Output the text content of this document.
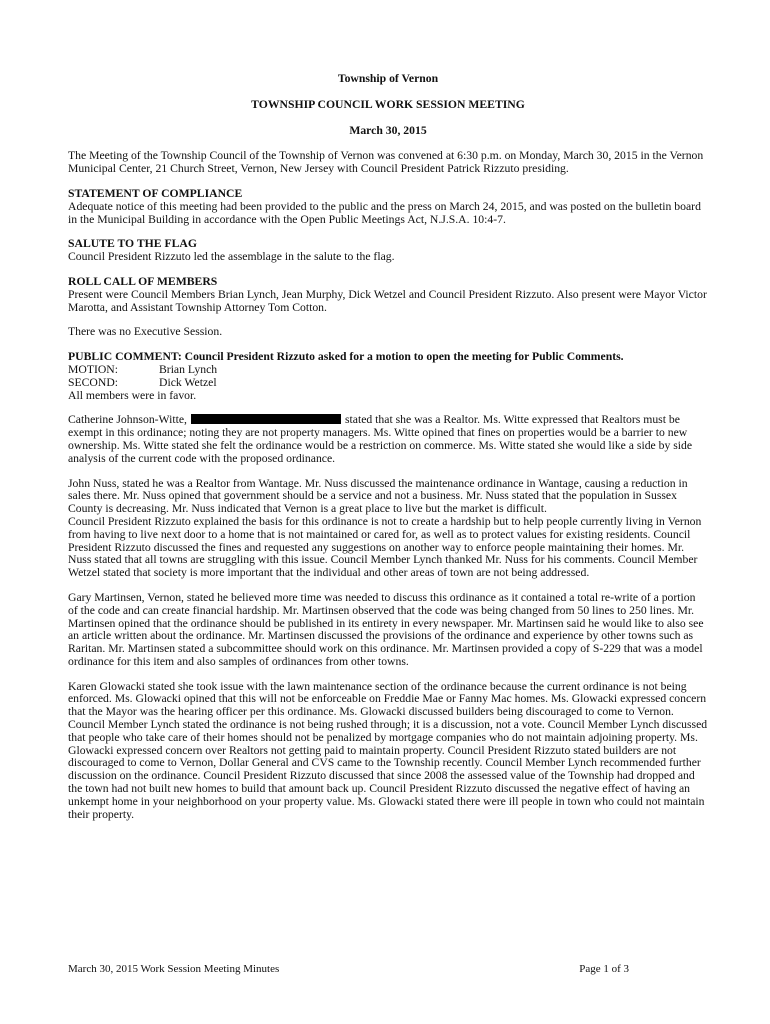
Township of Vernon
TOWNSHIP COUNCIL WORK SESSION MEETING
March 30, 2015

The Meeting of the Township Council of the Township of Vernon was convened at 6:30 p.m. on Monday, March 30, 2015 in the Vernon Municipal Center, 21 Church Street, Vernon, New Jersey with Council President Patrick Rizzuto presiding.

STATEMENT OF COMPLIANCE
Adequate notice of this meeting had been provided to the public and the press on March 24, 2015, and was posted on the bulletin board in the Municipal Building in accordance with the Open Public Meetings Act, N.J.S.A. 10:4-7.
SALUTE TO THE FLAG
Council President Rizzuto led the assemblage in the salute to the flag.
ROLL CALL OF MEMBERS
Present were Council Members Brian Lynch, Jean Murphy, Dick Wetzel and Council President Rizzuto. Also present were Mayor Victor Marotta, and Assistant Township Attorney Tom Cotton.

There was no Executive Session.

PUBLIC COMMENT: Council President Rizzuto asked for a motion to open the meeting for Public Comments.
MOTION:	Brian Lynch
SECOND:	Dick Wetzel
All members were in favor.

Catherine Johnson-Witte,	stated that she was a Realtor. Ms. Witte expressed that Realtors must be exempt in this ordinance; noting they are not property managers. Ms. Witte opined that fines on properties would be a barrier to new ownership. Ms. Witte stated she felt the ordinance would be a restriction on commerce. Ms. Witte stated she would like a side by side analysis of the current code with the proposed ordinance.

John Nuss, stated he was a Realtor from Wantage. Mr. Nuss discussed the maintenance ordinance in Wantage, causing a reduction in sales there. Mr. Nuss opined that government should be a service and not a business. Mr. Nuss stated that the population in Sussex County is decreasing. Mr. Nuss indicated that Vernon is a great place to live but the market is difficult.

Council President Rizzuto explained the basis for this ordinance is not to create a hardship but to help people currently living in Vernon from having to live next door to a home that is not maintained or cared for, as well as to protect values for existing residents. Council President Rizzuto discussed the fines and requested any suggestions on another way to enforce people maintaining their homes. Mr. Nuss stated that all towns are struggling with this issue. Council Member Lynch thanked Mr. Nuss for his comments. Council Member Wetzel stated that society is more important that the individual and other areas of town are not being addressed.

Gary Martinsen, Vernon, stated he believed more time was needed to discuss this ordinance as it contained a total re-write of a portion of the code and can create financial hardship. Mr. Martinsen observed that the code was being changed from 50 lines to 250 lines. Mr. Martinsen opined that the ordinance should be published in its entirety in every newspaper. Mr. Martinsen said he would like to also see an article written about the ordinance. Mr. Martinsen discussed the provisions of the ordinance and experience by other towns such as Raritan. Mr. Martinsen stated a subcommittee should work on this ordinance. Mr. Martinsen provided a copy of S-229 that was a model ordinance for this item and also samples of ordinances from other towns.

Karen Glowacki stated she took issue with the lawn maintenance section of the ordinance because the current ordinance is not being enforced. Ms. Glowacki opined that this will not be enforceable on Freddie Mae or Fanny Mac homes. Ms. Glowacki expressed concern that the Mayor was the hearing officer per this ordinance. Ms. Glowacki discussed builders being discouraged to come to Vernon. Council Member Lynch stated the ordinance is not being rushed through; it is a discussion, not a vote. Council Member Lynch discussed that people who take care of their homes should not be penalized by mortgage companies who do not maintain adjoining property. Ms. Glowacki expressed concern over Realtors not getting paid to maintain property. Council President Rizzuto stated builders are not discouraged to come to Vernon, Dollar General and CVS came to the Township recently. Council Member Lynch recommended further discussion on the ordinance. Council President Rizzuto discussed that since 2008 the assessed value of the Township had dropped and the town had not built new homes to build that amount back up. Council President Rizzuto discussed the negative effect of having an unkempt home in your neighborhood on your property value. Ms. Glowacki stated there were ill people in town who could not maintain their property.

March 30, 2015 Work Session Meeting Minutes	Page 1 of 3
